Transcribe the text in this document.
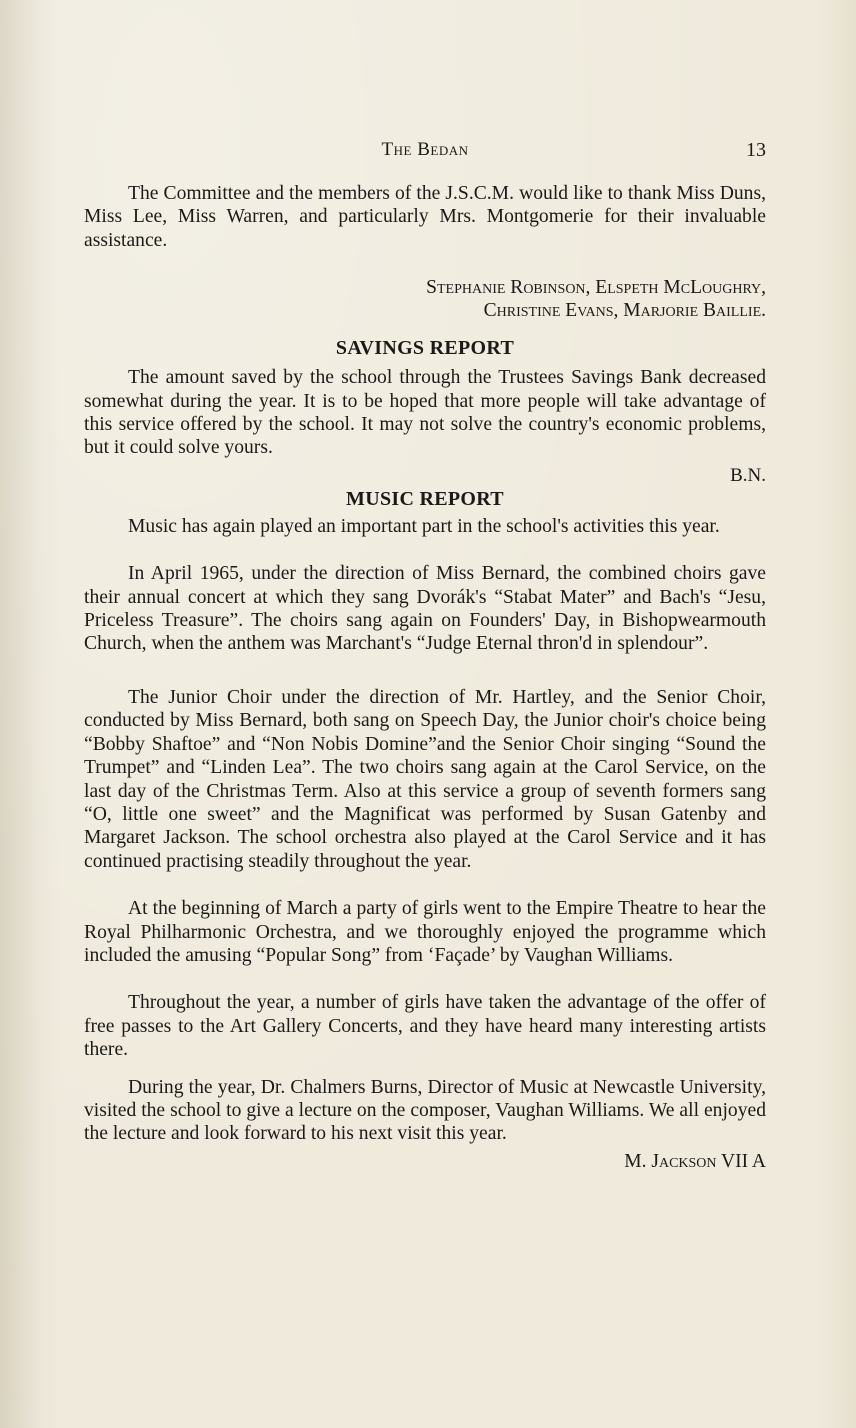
The Bedan	13

The Committee and the members of the J.S.C.M. would like to thank Miss Duns, Miss Lee, Miss Warren, and particularly Mrs. Montgomerie for their invaluable assistance.

Stephanie Robinson, Elspeth McLoughry,
Christine Evans, Marjorie Baillie.
SAVINGS REPORT

The amount saved by the school through the Trustees Savings Bank decreased somewhat during the year. It is to be hoped that more people will take advantage of this service offered by the school. It may not solve the country's economic problems, but it could solve yours.

B.N.
MUSIC REPORT

Music has again played an important part in the school's activities this year.

In April 1965, under the direction of Miss Bernard, the combined choirs gave their annual concert at which they sang Dvorák's “Stabat Mater” and Bach's “Jesu, Priceless Treasure”. The choirs sang again on Founders' Day, in Bishopwearmouth Church, when the anthem was Marchant's “Judge Eternal thron'd in splendour”.

The Junior Choir under the direction of Mr. Hartley, and the Senior Choir, conducted by Miss Bernard, both sang on Speech Day, the Junior choir's choice being “Bobby Shaftoe” and “Non Nobis Domine”and the Senior Choir singing “Sound the Trumpet” and “Linden Lea”. The two choirs sang again at the Carol Service, on the last day of the Christmas Term. Also at this service a group of seventh formers sang “O, little one sweet” and the Magnificat was performed by Susan Gatenby and Margaret Jackson. The school orchestra also played at the Carol Service and it has continued practising steadily throughout the year.

At the beginning of March a party of girls went to the Empire Theatre to hear the Royal Philharmonic Orchestra, and we thoroughly enjoyed the programme which included the amusing “Popular Song” from ‘Façade’ by Vaughan Williams.

Throughout the year, a number of girls have taken the advantage of the offer of free passes to the Art Gallery Concerts, and they have heard many interesting artists there.

During the year, Dr. Chalmers Burns, Director of Music at Newcastle University, visited the school to give a lecture on the composer, Vaughan Williams. We all enjoyed the lecture and look forward to his next visit this year.

M. Jackson VII A
